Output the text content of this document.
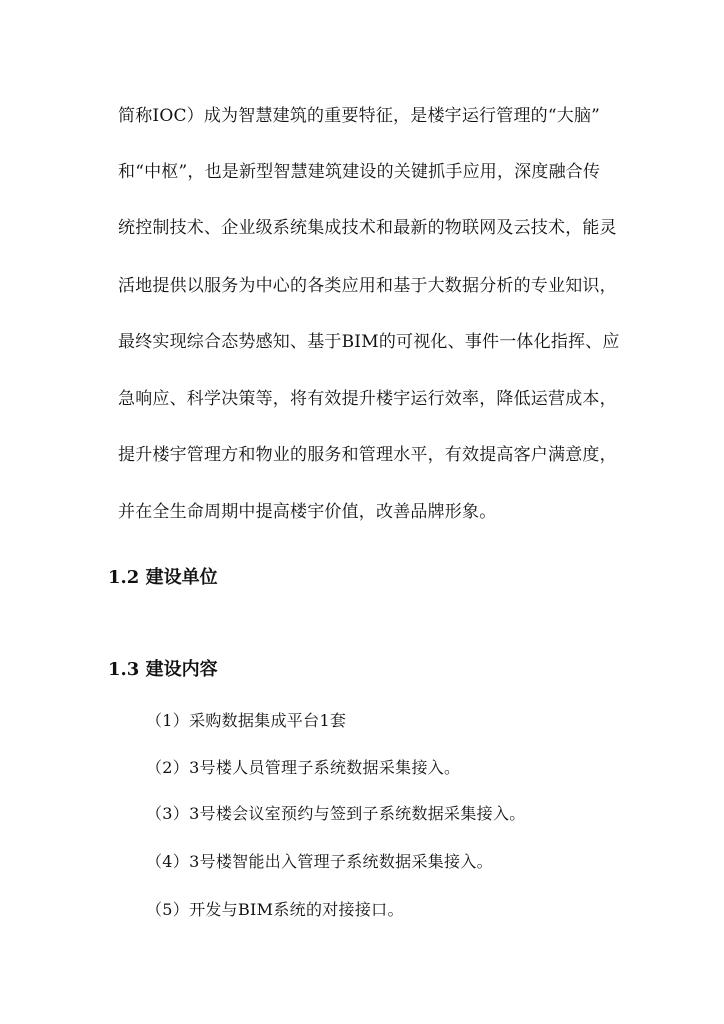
简称IOC）成为智慧建筑的重要特征，是楼宇运行管理的“大脑”
和“中枢”，也是新型智慧建筑建设的关键抓手应用，深度融合传
统控制技术、企业级系统集成技术和最新的物联网及云技术，能灵
活地提供以服务为中心的各类应用和基于大数据分析的专业知识，
最终实现综合态势感知、基于BIM的可视化、事件一体化指挥、应
急响应、科学决策等，将有效提升楼宇运行效率，降低运营成本，
提升楼宇管理方和物业的服务和管理水平，有效提高客户满意度，
并在全生命周期中提高楼宇价值，改善品牌形象。
1.2 建设单位
1.3 建设内容
（1）采购数据集成平台1套
（2）3号楼人员管理子系统数据采集接入。
（3）3号楼会议室预约与签到子系统数据采集接入。
（4）3号楼智能出入管理子系统数据采集接入。
（5）开发与BIM系统的对接接口。
